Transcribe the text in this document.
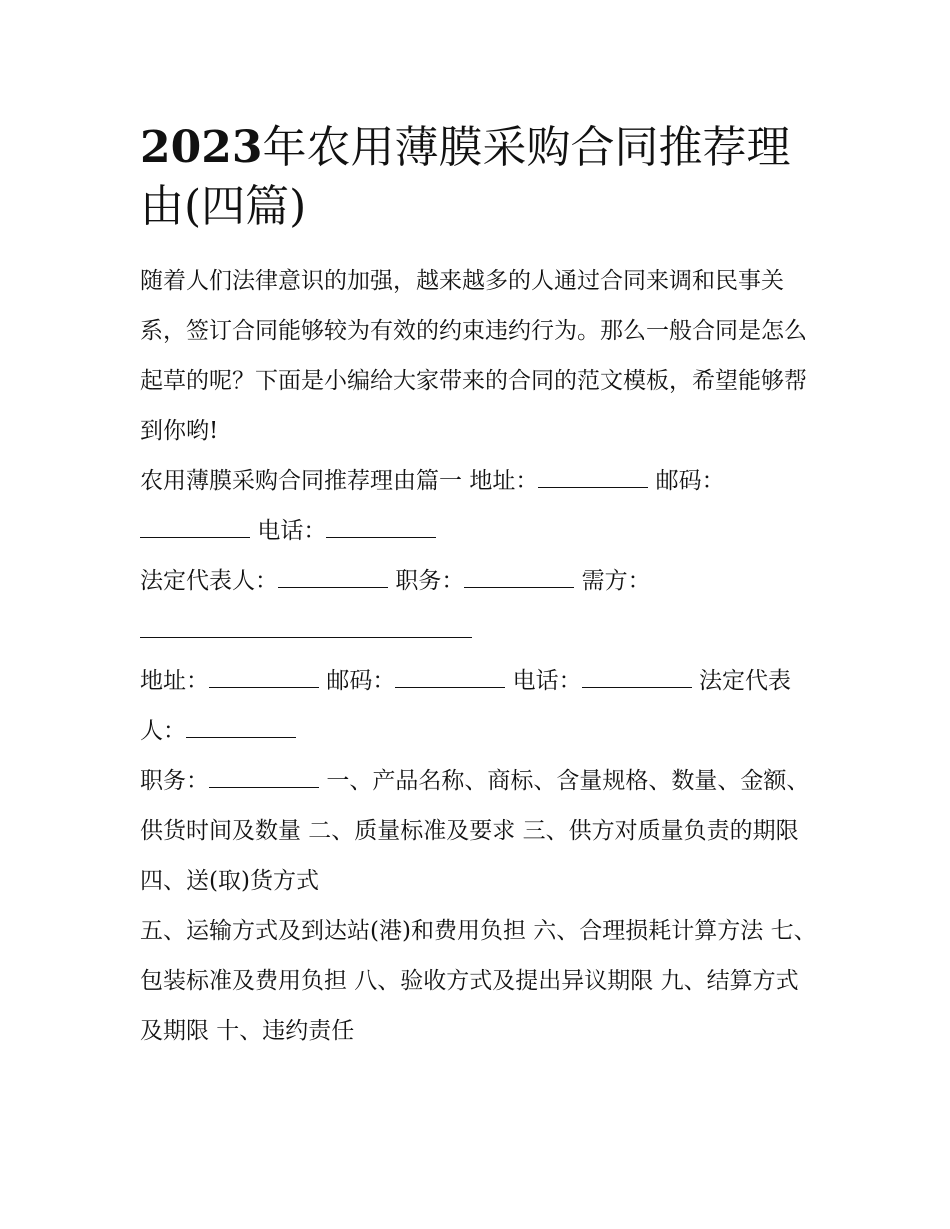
2023年农用薄膜采购合同推荐理由(四篇)

随着人们法律意识的加强，越来越多的人通过合同来调和民事关系，签订合同能够较为有效的约束违约行为。那么一般合同是怎么起草的呢？下面是小编给大家带来的合同的范文模板，希望能够帮到你哟!

农用薄膜采购合同推荐理由篇一 地址：	邮码： 电话：

法定代表人：	职务：	需方：

地址：	邮码：	电话：	法定代表人：

职务：	一、产品名称、商标、含量规格、数量、金额、供货时间及数量 二、质量标准及要求 三、供方对质量负责的期限 四、送(取)货方式

五、运输方式及到达站(港)和费用负担 六、合理损耗计算方法 七、包装标准及费用负担 八、验收方式及提出异议期限 九、结算方式及期限 十、违约责任
